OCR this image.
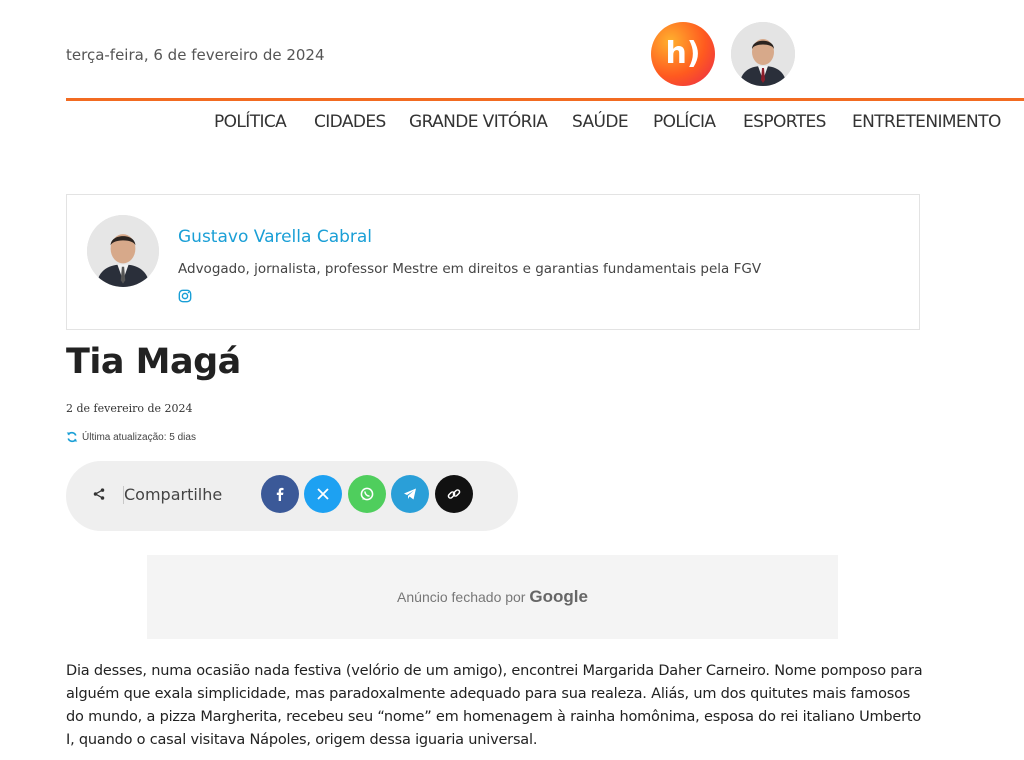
terça-feira, 6 de fevereiro de 2024	h)
POLÍTICA CIDADES GRANDE VITÓRIA SAÚDE POLÍCIA ESPORTES ENTRETENIMENTO
Gustavo Varella Cabral
Advogado, jornalista, professor Mestre em direitos e garantias fundamentais pela FGV
Tia Magá
2 de fevereiro de 2024
Última atualização: 5 dias
Compartilhe
Anúncio fechado por Google

Dia desses, numa ocasião nada festiva (velório de um amigo), encontrei Margarida Daher Carneiro. Nome pomposo para alguém que exala simplicidade, mas paradoxalmente adequado para sua realeza. Aliás, um dos quitutes mais famosos do mundo, a pizza Margherita, recebeu seu “nome” em homenagem à rainha homônima, esposa do rei italiano Umberto I, quando o casal visitava Nápoles, origem dessa iguaria universal.
